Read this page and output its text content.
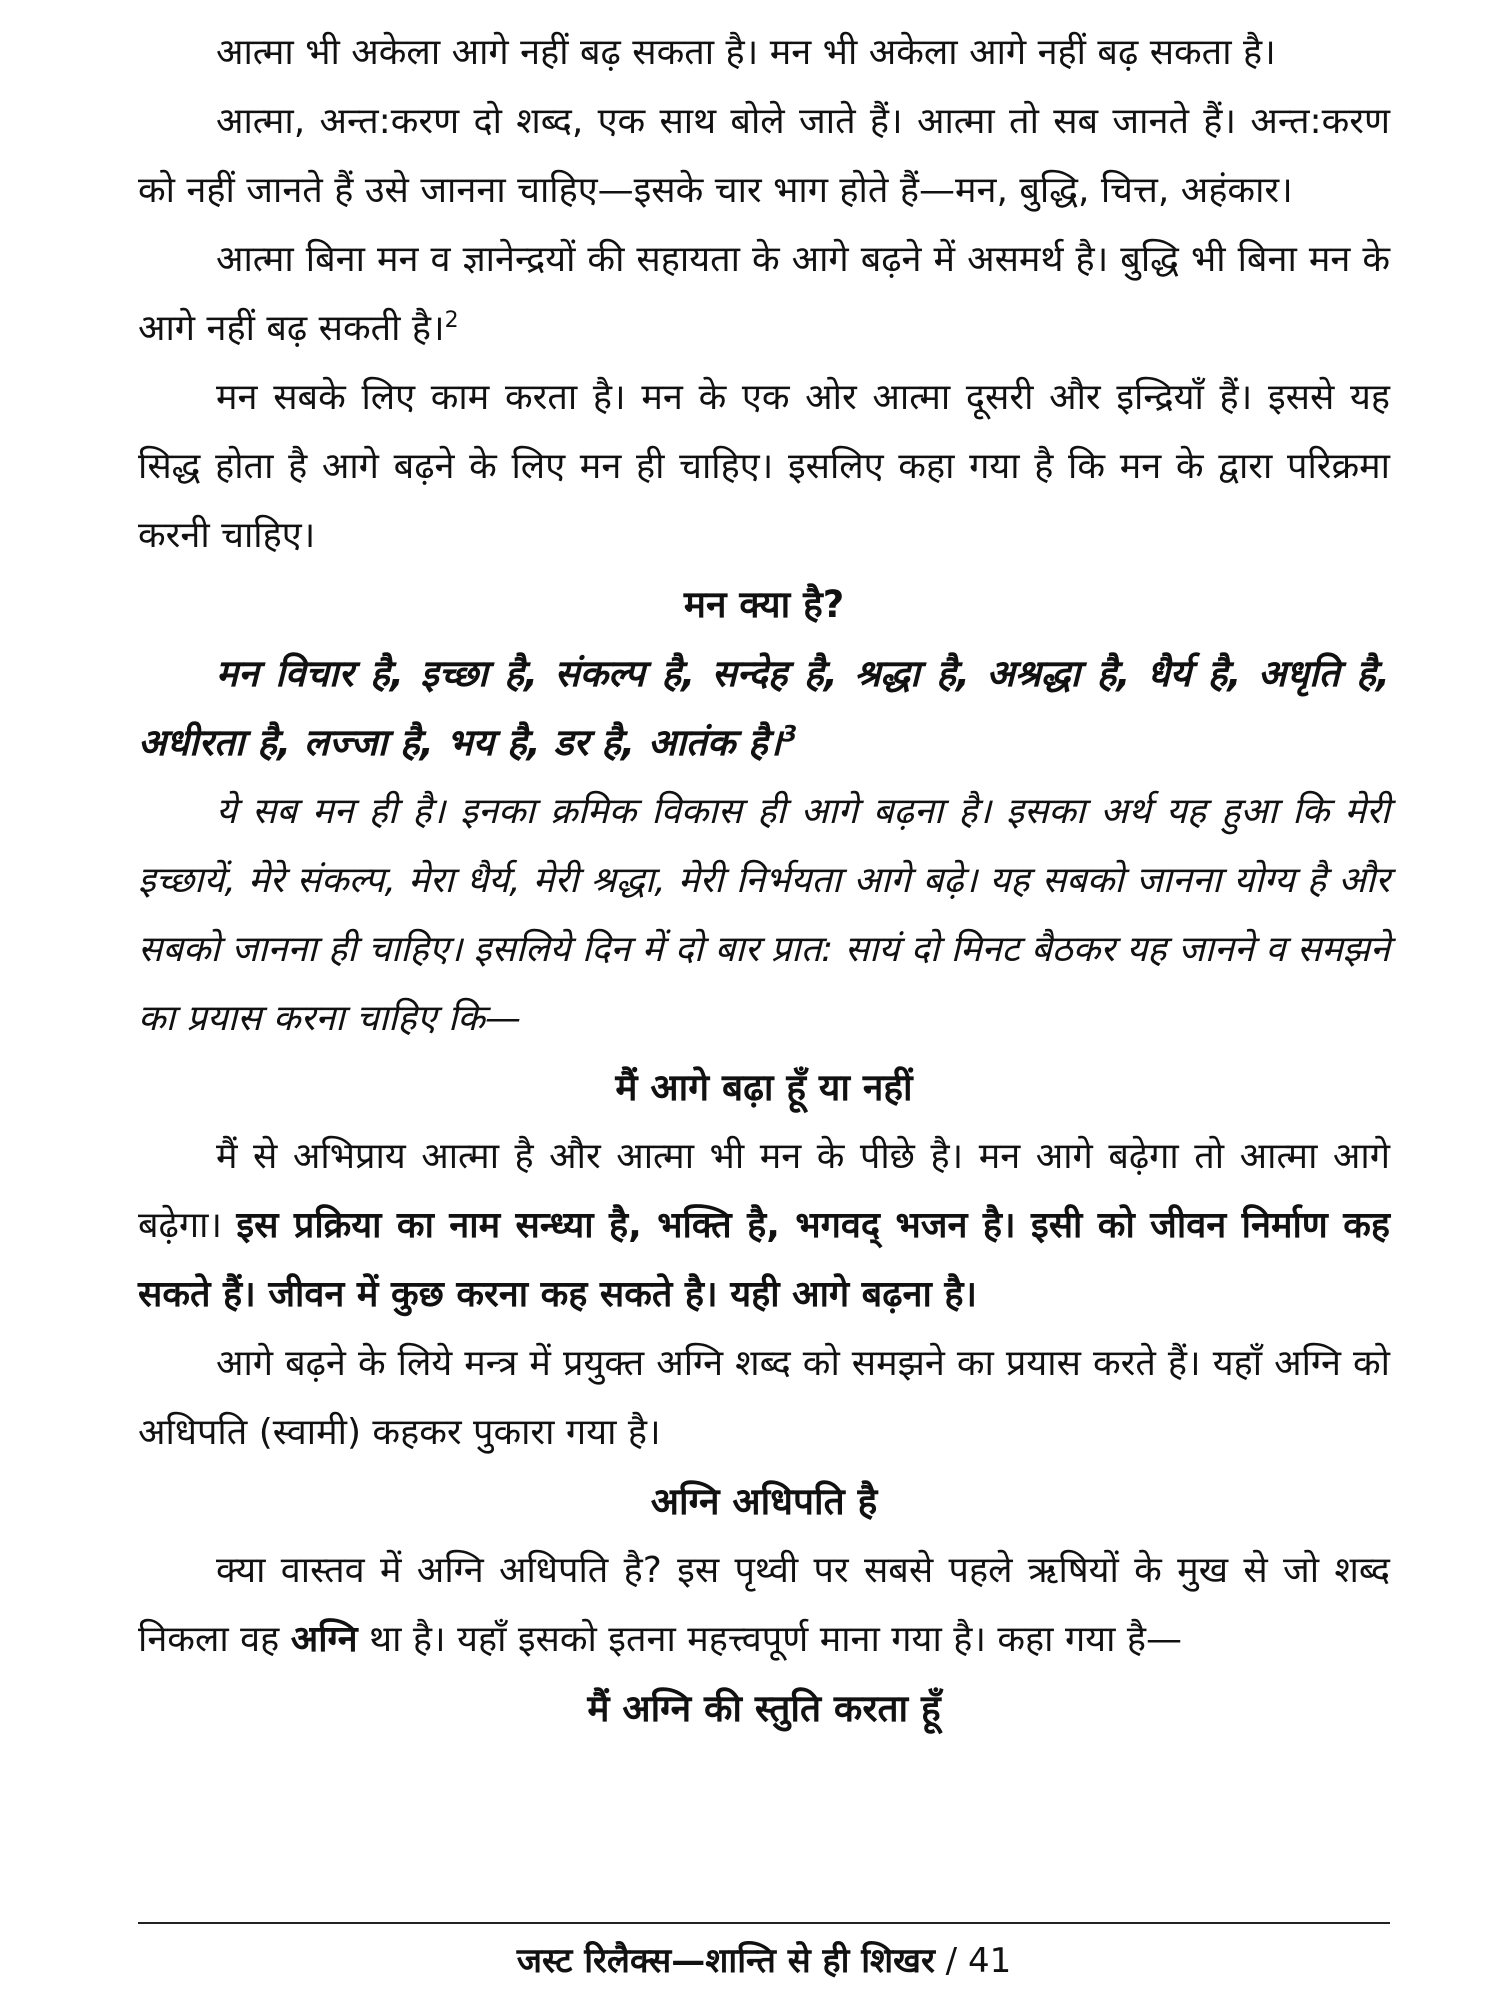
आत्मा भी अकेला आगे नहीं बढ़ सकता है। मन भी अकेला आगे नहीं बढ़ सकता है।

आत्मा, अन्त:करण दो शब्द, एक साथ बोले जाते हैं। आत्मा तो सब जानते हैं। अन्त:करण को नहीं जानते हैं उसे जानना चाहिए—इसके चार भाग होते हैं—मन, बुद्धि, चित्त, अहंकार।

आत्मा बिना मन व ज्ञानेन्द्रयों की सहायता के आगे बढ़ने में असमर्थ है। बुद्धि भी बिना मन के आगे नहीं बढ़ सकती है।$^2$

मन सबके लिए काम करता है। मन के एक ओर आत्मा दूसरी और इन्द्रियाँ हैं। इससे यह सिद्ध होता है आगे बढ़ने के लिए मन ही चाहिए। इसलिए कहा गया है कि मन के द्वारा परिक्रमा करनी चाहिए।

मन क्या है?

मन विचार है, इच्छा है, संकल्प है, सन्देह है, श्रद्धा है, अश्रद्धा है, धैर्य है, अधृति है, अधीरता है, लज्जा है, भय है, डर है, आतंक है।$^3$

ये सब मन ही है। इनका क्रमिक विकास ही आगे बढ़ना है। इसका अर्थ यह हुआ कि मेरी इच्छायें, मेरे संकल्प, मेरा धैर्य, मेरी श्रद्धा, मेरी निर्भयता आगे बढ़े। यह सबको जानना योग्य है और सबको जानना ही चाहिए। इसलिये दिन में दो बार प्रात: सायं दो मिनट बैठकर यह जानने व समझने का प्रयास करना चाहिए कि—

मैं आगे बढ़ा हूँ या नहीं

मैं से अभिप्राय आत्मा है और आत्मा भी मन के पीछे है। मन आगे बढ़ेगा तो आत्मा आगे बढ़ेगा। इस प्रक्रिया का नाम सन्ध्या है, भक्ति है, भगवद् भजन है। इसी को जीवन निर्माण कह सकते हैं। जीवन में कुछ करना कह सकते है। यही आगे बढ़ना है।

आगे बढ़ने के लिये मन्त्र में प्रयुक्त अग्नि शब्द को समझने का प्रयास करते हैं। यहाँ अग्नि को अधिपति (स्वामी) कहकर पुकारा गया है।

अग्नि अधिपति है

क्या वास्तव में अग्नि अधिपति है? इस पृथ्वी पर सबसे पहले ऋषियों के मुख से जो शब्द निकला वह अग्नि था है। यहाँ इसको इतना महत्त्वपूर्ण माना गया है। कहा गया है—

मैं अग्नि की स्तुति करता हूँ

जस्ट रिलैक्स—शान्ति से ही शिखर / 41
